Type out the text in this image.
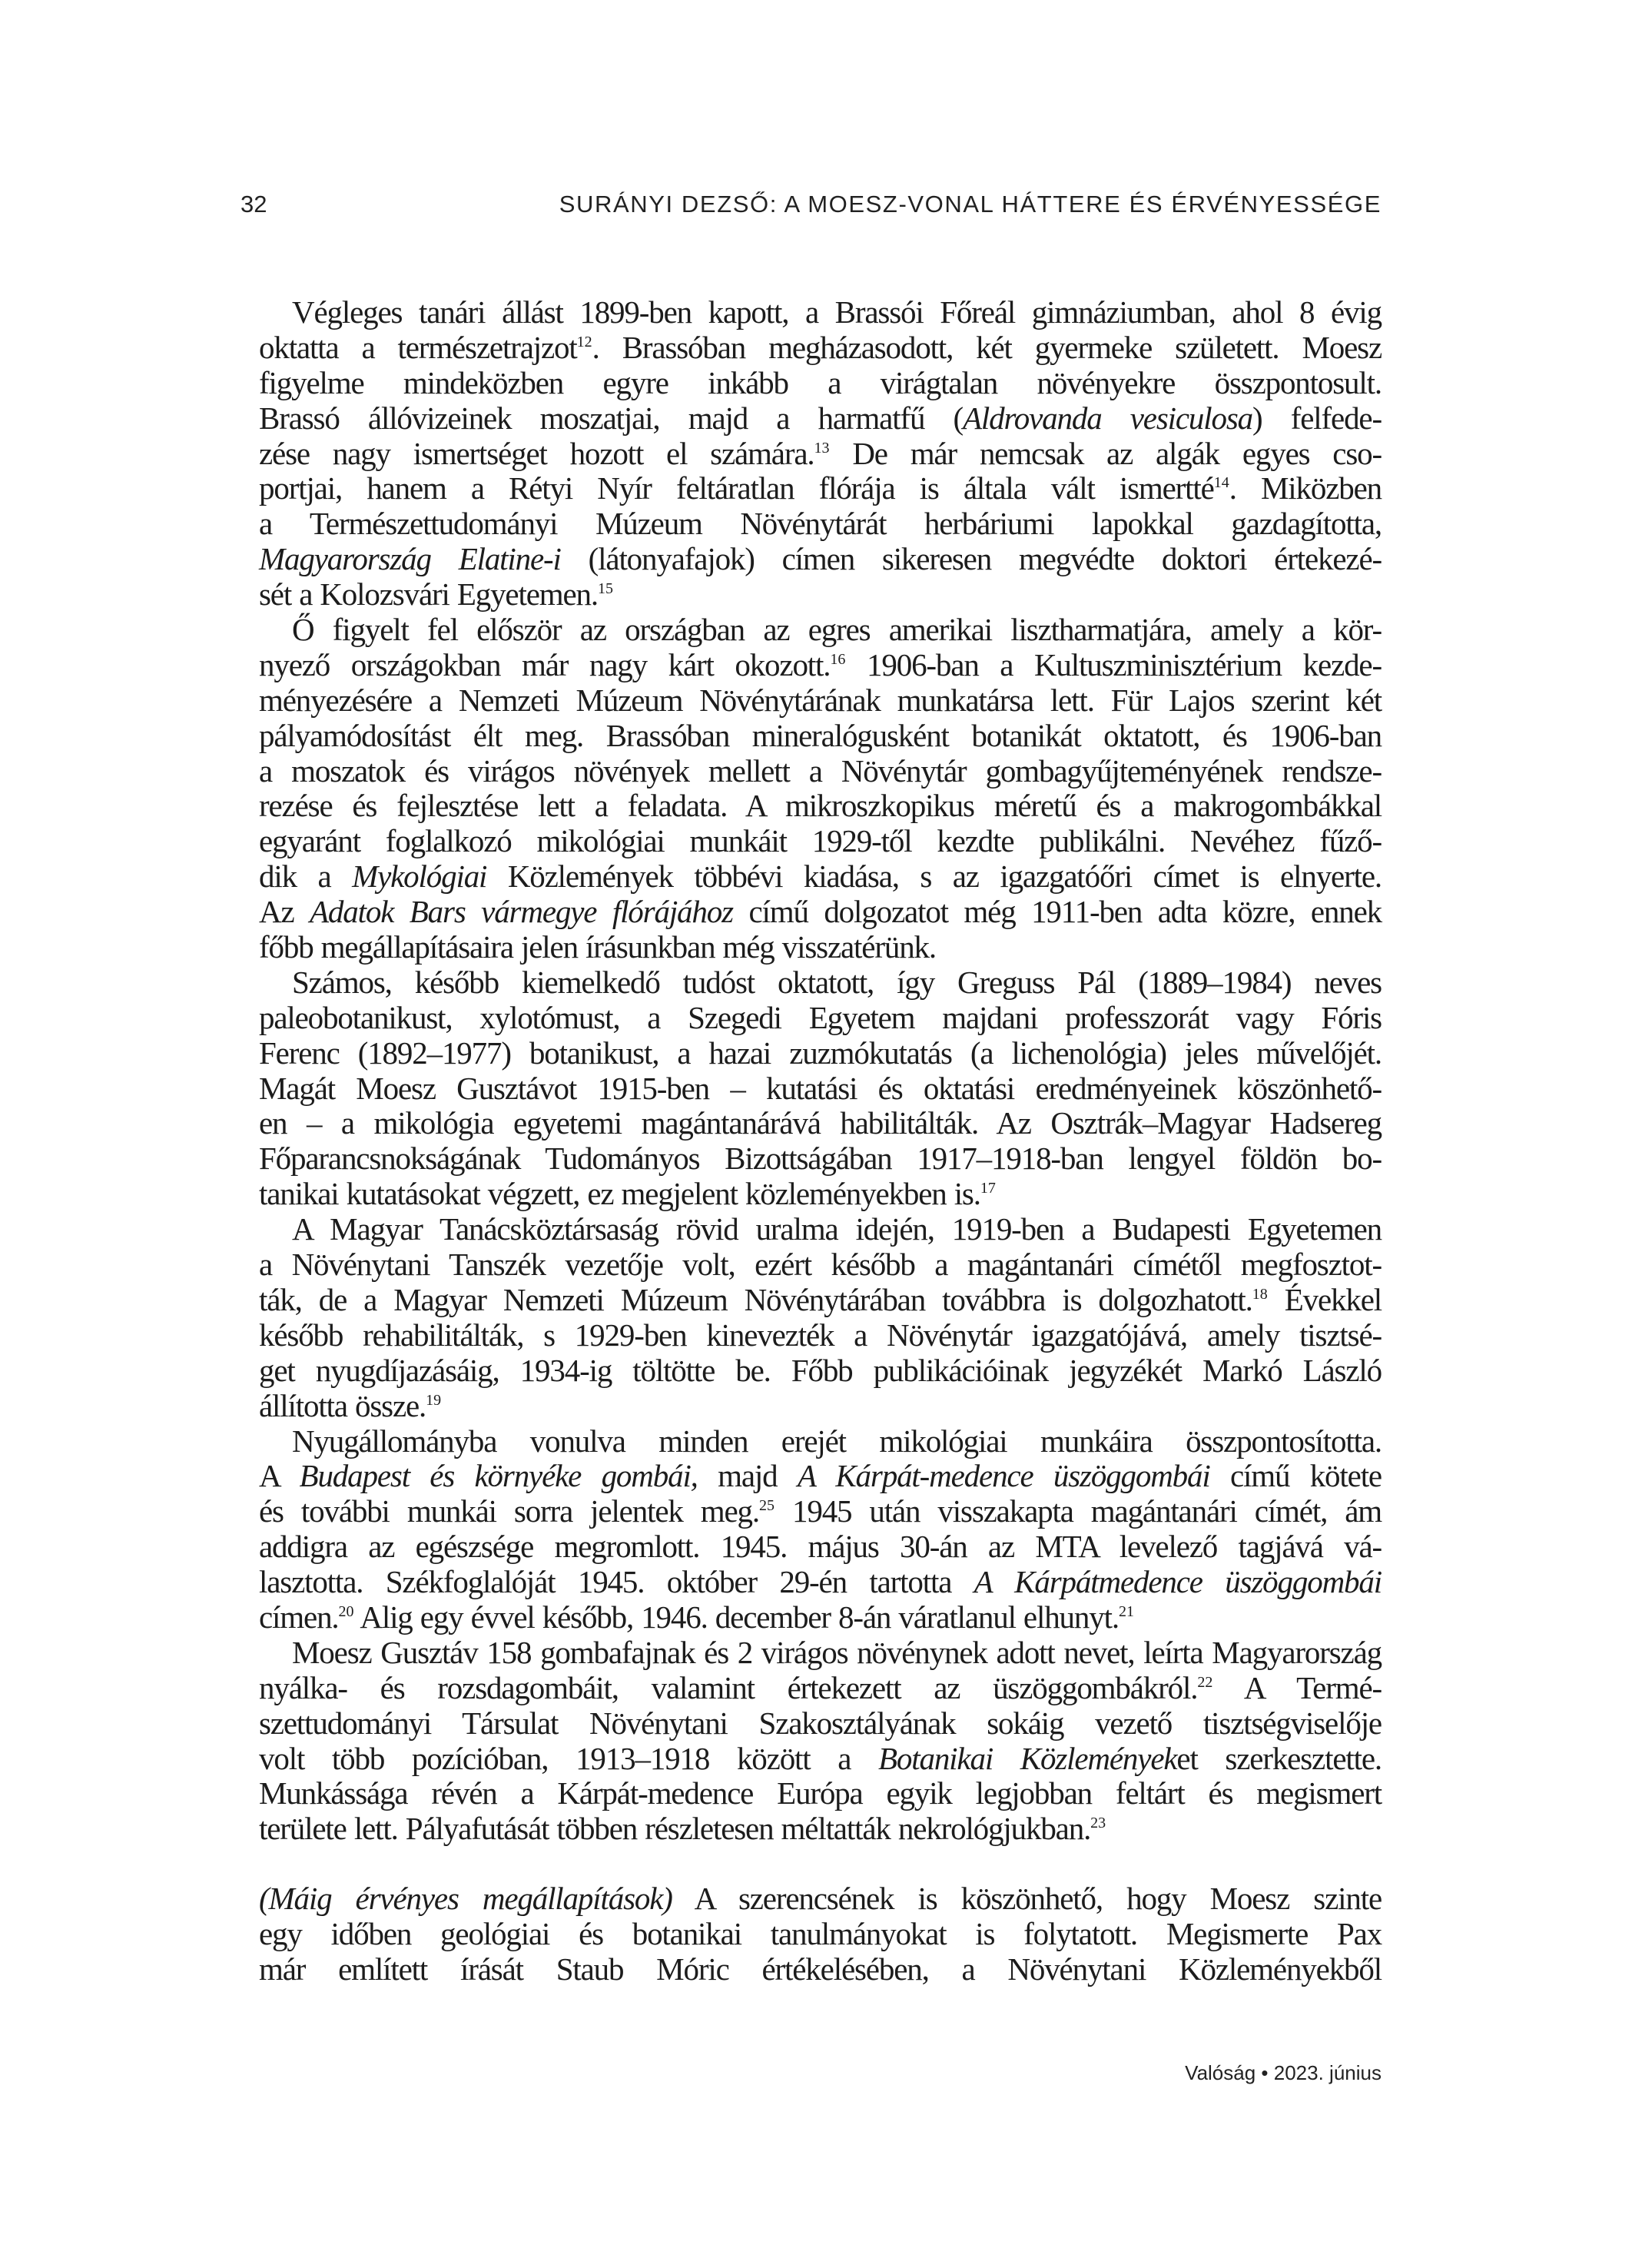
32	SURÁNYI DEZSŐ: A MOESZ-VONAL HÁTTERE ÉS ÉRVÉNYESSÉGE
Végleges tanári állást 1899-ben kapott, a Brassói Főreál gimnáziumban, ahol 8 évig
oktatta a természetrajzot$^{12}$. Brassóban megházasodott, két gyermeke született. Moesz
figyelme mindeközben egyre inkább a virágtalan növényekre összpontosult.
Brassó állóvizeinek moszatjai, majd a harmatfű (Aldrovanda vesiculosa) felfede-
zése nagy ismertséget hozott el számára.$^{13}$ De már nemcsak az algák egyes cso-
portjai, hanem a Rétyi Nyír feltáratlan flórája is általa vált ismertté$^{14}$. Miközben
a Természettudományi Múzeum Növénytárát herbáriumi lapokkal gazdagította,
Magyarország Elatine-i (látonyafajok) címen sikeresen megvédte doktori értekezé-
sét a Kolozsvári Egyetemen.$^{15}$
Ő figyelt fel először az országban az egres amerikai lisztharmatjára, amely a kör-
nyező országokban már nagy kárt okozott.$^{16}$ 1906-ban a Kultuszminisztérium kezde-
ményezésére a Nemzeti Múzeum Növénytárának munkatársa lett. Für Lajos szerint két
pályamódosítást élt meg. Brassóban mineralógusként botanikát oktatott, és 1906-ban
a moszatok és virágos növények mellett a Növénytár gombagyűjteményének rendsze-
rezése és fejlesztése lett a feladata. A mikroszkopikus méretű és a makrogombákkal
egyaránt foglalkozó mikológiai munkáit 1929-től kezdte publikálni. Nevéhez fűző-
dik a Mykológiai Közlemények többévi kiadása, s az igazgatóőri címet is elnyerte.
Az Adatok Bars vármegye flórájához című dolgozatot még 1911-ben adta közre, ennek
főbb megállapításaira jelen írásunkban még visszatérünk.
Számos, később kiemelkedő tudóst oktatott, így Greguss Pál (1889–1984) neves
paleobotanikust, xylotómust, a Szegedi Egyetem majdani professzorát vagy Fóris
Ferenc (1892–1977) botanikust, a hazai zuzmókutatás (a lichenológia) jeles művelőjét.
Magát Moesz Gusztávot 1915-ben – kutatási és oktatási eredményeinek köszönhető-
en – a mikológia egyetemi magántanárává habilitálták. Az Osztrák–Magyar Hadsereg
Főparancsnokságának Tudományos Bizottságában 1917–1918-ban lengyel földön bo-
tanikai kutatásokat végzett, ez megjelent közleményekben is.$^{17}$
A Magyar Tanácsköztársaság rövid uralma idején, 1919-ben a Budapesti Egyetemen
a Növénytani Tanszék vezetője volt, ezért később a magántanári címétől megfosztot-
ták, de a Magyar Nemzeti Múzeum Növénytárában továbbra is dolgozhatott.$^{18}$ Évekkel
később rehabilitálták, s 1929-ben kinevezték a Növénytár igazgatójává, amely tisztsé-
get nyugdíjazásáig, 1934-ig töltötte be. Főbb publikációinak jegyzékét Markó László
állította össze.$^{19}$
Nyugállományba vonulva minden erejét mikológiai munkáira összpontosította.
A Budapest és környéke gombái, majd A Kárpát-medence üszöggombái című kötete
és további munkái sorra jelentek meg.$^{25}$ 1945 után visszakapta magántanári címét, ám
addigra az egészsége megromlott. 1945. május 30-án az MTA levelező tagjává vá-
lasztotta. Székfoglalóját 1945. október 29-én tartotta A Kárpátmedence üszöggombái
címen.$^{20}$ Alig egy évvel később, 1946. december 8-án váratlanul elhunyt.$^{21}$
Moesz Gusztáv 158 gombafajnak és 2 virágos növénynek adott nevet, leírta Magyarország
nyálka- és rozsdagombáit, valamint értekezett az üszöggombákról.$^{22}$ A Termé-
szettudományi Társulat Növénytani Szakosztályának sokáig vezető tisztségviselője
volt több pozícióban, 1913–1918 között a Botanikai Közleményeket szerkesztette.
Munkássága révén a Kárpát-medence Európa egyik legjobban feltárt és megismert
területe lett. Pályafutását többen részletesen méltatták nekrológjukban.$^{23}$
(Máig érvényes megállapítások) A szerencsének is köszönhető, hogy Moesz szinte
egy időben geológiai és botanikai tanulmányokat is folytatott. Megismerte Pax
már említett írását Staub Móric értékelésében, a Növénytani Közleményekből
Valóság • 2023. június
